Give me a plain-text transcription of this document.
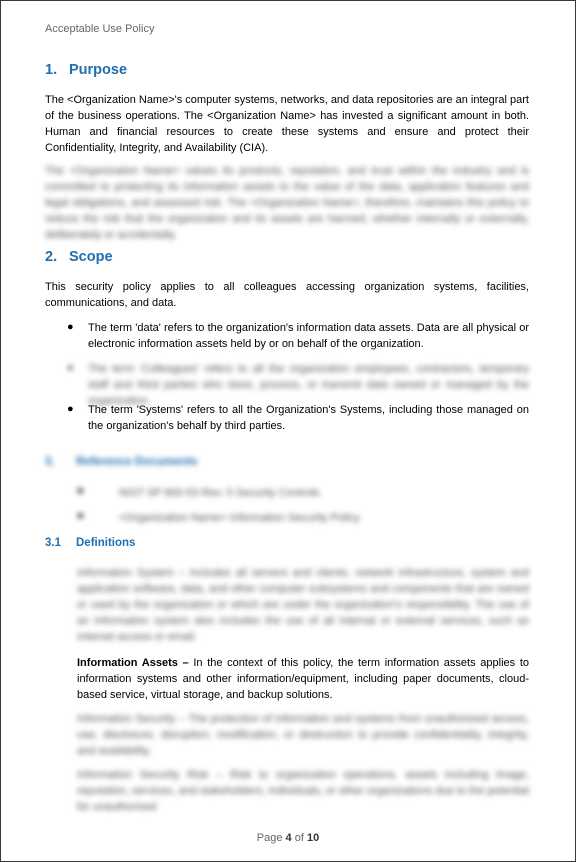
Acceptable Use Policy
1. Purpose
The <Organization Name>'s computer systems, networks, and data repositories are an integral part of the business operations. The <Organization Name> has invested a significant amount in both. Human and financial resources to create these systems and ensure and protect their Confidentiality, Integrity, and Availability (CIA).
The <Organization Name> values its products, reputation, and trust within the industry and is committed to protecting its information assets to the value of the data, application features and legal obligations, and assessed risk. The <Organization Name>, therefore, maintains this policy to reduce the risk that the organization and its assets are harmed, whether internally or externally, deliberately or accidentally.
2. Scope
This security policy applies to all colleagues accessing organization systems, facilities, communications, and data.
● The term 'data' refers to the organization's information data assets. Data are all physical or electronic information assets held by or on behalf of the organization.
● The term 'Colleagues' refers to all the organization employees, contractors, temporary staff and third parties who store, process, or transmit data owned or managed by the organization.
● The term 'Systems' refers to all the Organization's Systems, including those managed on the organization's behalf by third parties.
3. Reference Documents
■	NIST SP 800-53 Rev. 5 Security Controls
■	<Organization Name> Information Security Policy
3.1 Definitions
Information System – Includes all servers and clients, network infrastructure, system and application software, data, and other computer subsystems and components that are owned or used by the organization or which are under the organization's responsibility. The use of an information system also includes the use of all internal or external services, such as Internet access or email.
Information Assets – In the context of this policy, the term information assets applies to information systems and other information/equipment, including paper documents, cloud-based service, virtual storage, and backup solutions.
Information Security – The protection of information and systems from unauthorized access, use, disclosure, disruption, modification, or destruction to provide confidentiality, integrity, and availability.
Information Security Risk – Risk to organization operations, assets including image, reputation, services, and stakeholders, individuals, or other organizations due to the potential for unauthorized
Page 4 of 10
